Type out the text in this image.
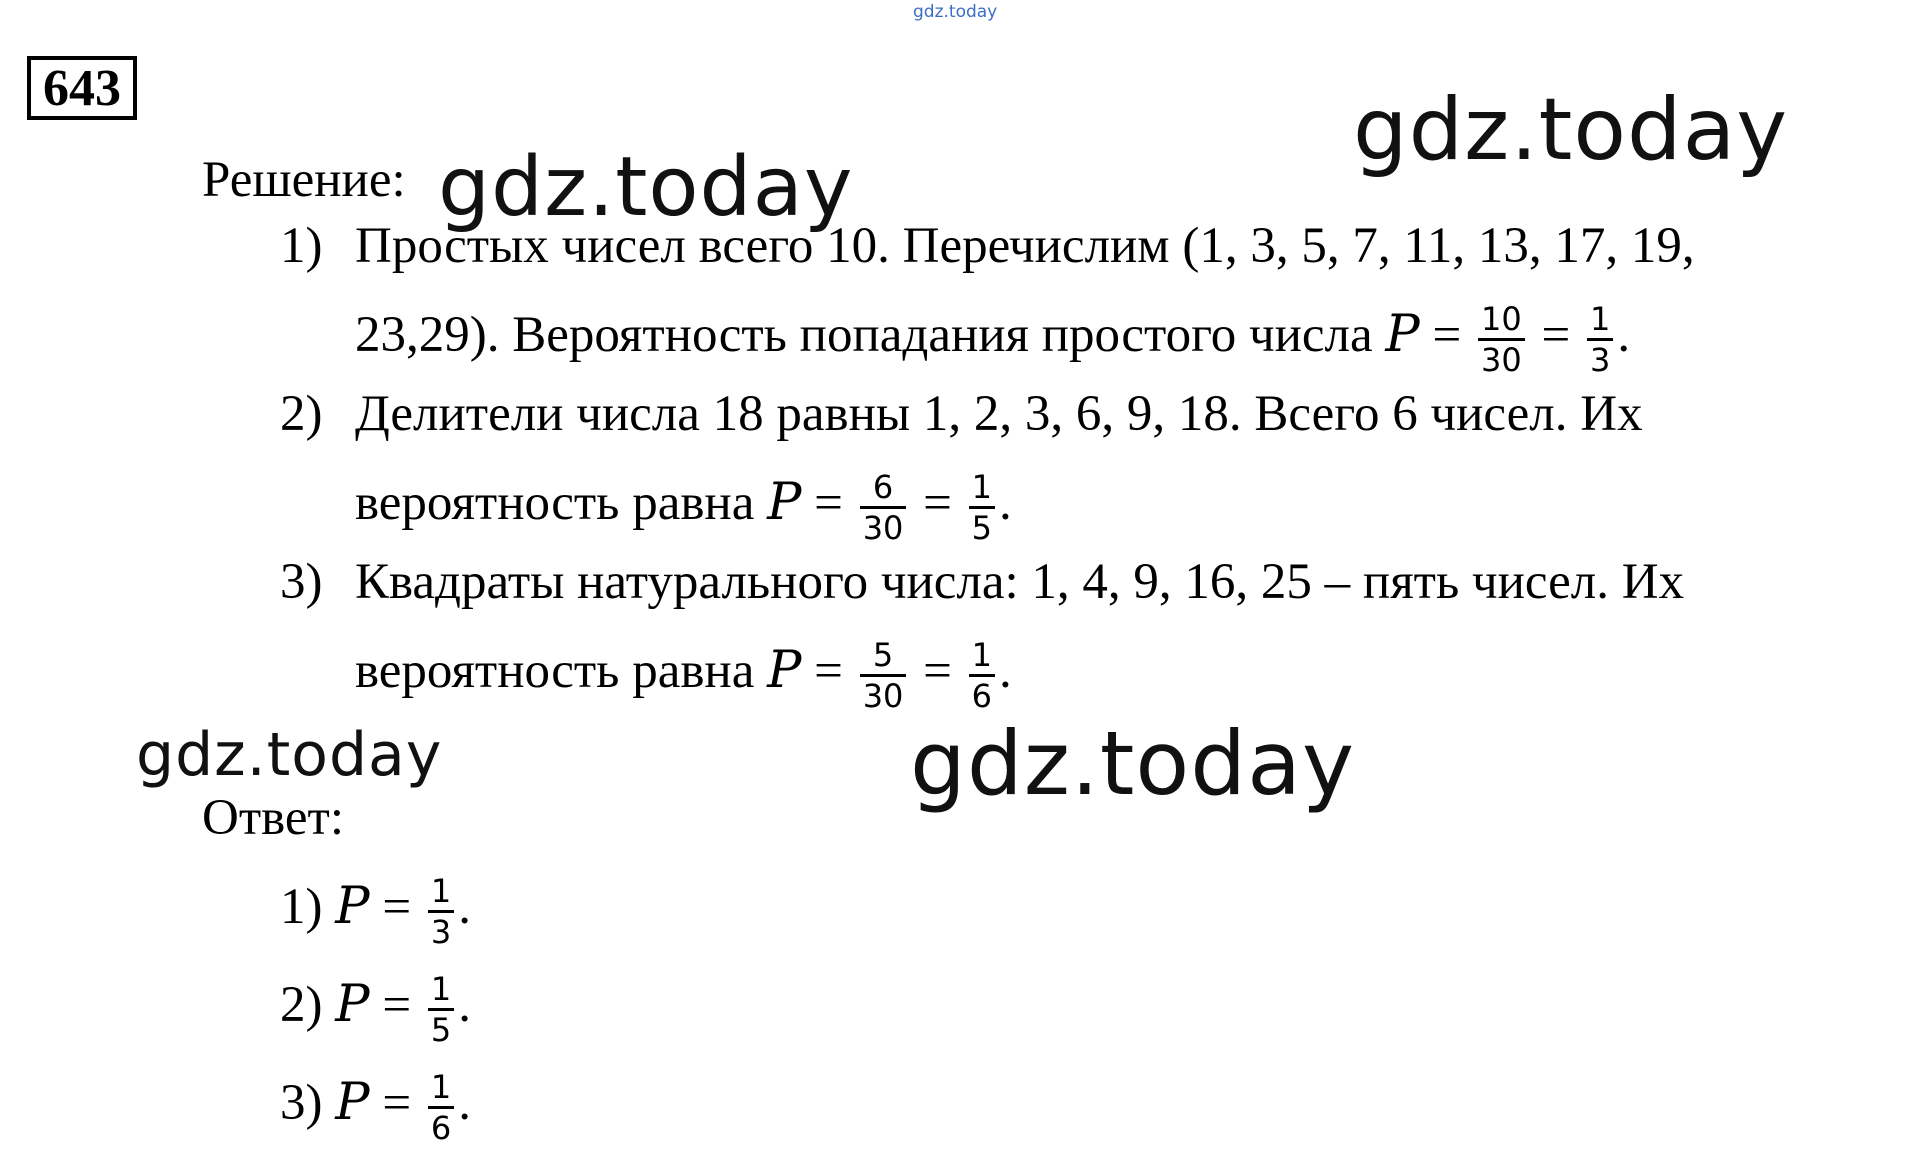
gdz.today
643	gdz.today
gdz.today
gdz.today	gdz.today
Решение:
1) Простых чисел всего 10. Перечислим (1, 3, 5, 7, 11, 13, 17, 19,
23,29). Вероятность попадания простого числа $P = \frac{10}{30} = \frac{1}{3}$ .
2) Делители числа 18 равны 1, 2, 3, 6, 9, 18. Всего 6 чисел. Их
вероятность равна $P = \frac{6}{30} = \frac{1}{5}$ .
3) Квадраты натурального числа: 1, 4, 9, 16, 25 – пять чисел. Их
вероятность равна $P = \frac{5}{30} = \frac{1}{6}$ .
Ответ:
1) $P = \frac{1}{3}$ .
2) $P = \frac{1}{5}$ .
3) $P = \frac{1}{6}$ .
